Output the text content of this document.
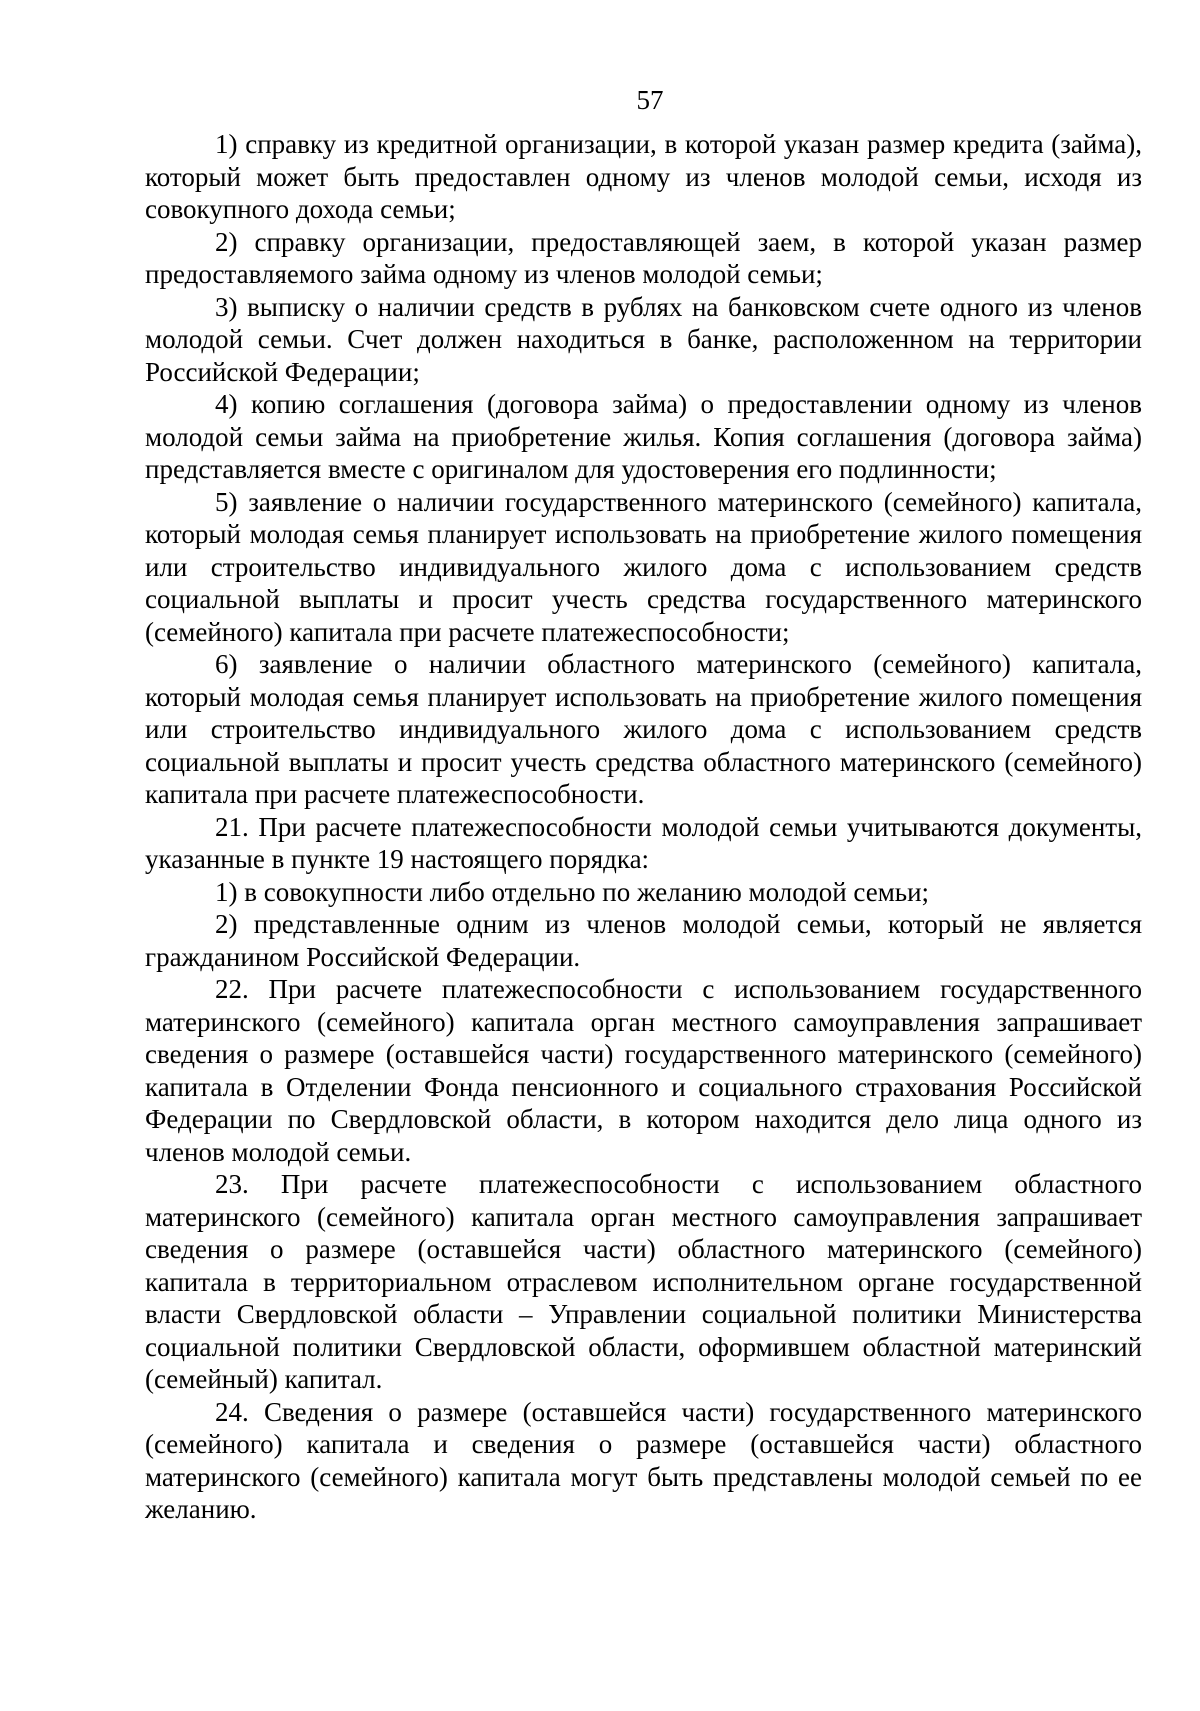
57

1) справку из кредитной организации, в которой указан размер кредита (займа), который может быть предоставлен одному из членов молодой семьи, исходя из совокупного дохода семьи;

2) справку организации, предоставляющей заем, в которой указан размер предоставляемого займа одному из членов молодой семьи;

3) выписку о наличии средств в рублях на банковском счете одного из членов молодой семьи. Счет должен находиться в банке, расположенном на территории Российской Федерации;

4) копию соглашения (договора займа) о предоставлении одному из членов молодой семьи займа на приобретение жилья. Копия соглашения (договора займа) представляется вместе с оригиналом для удостоверения его подлинности;

5) заявление о наличии государственного материнского (семейного) капитала, который молодая семья планирует использовать на приобретение жилого помещения или строительство индивидуального жилого дома с использованием средств социальной выплаты и просит учесть средства государственного материнского (семейного) капитала при расчете платежеспособности;

6) заявление о наличии областного материнского (семейного) капитала, который молодая семья планирует использовать на приобретение жилого помещения или строительство индивидуального жилого дома с использованием средств социальной выплаты и просит учесть средства областного материнского (семейного) капитала при расчете платежеспособности.

21. При расчете платежеспособности молодой семьи учитываются документы, указанные в пункте 19 настоящего порядка:

1) в совокупности либо отдельно по желанию молодой семьи;

2) представленные одним из членов молодой семьи, который не является гражданином Российской Федерации.

22. При расчете платежеспособности с использованием государственного материнского (семейного) капитала орган местного самоуправления запрашивает сведения о размере (оставшейся части) государственного материнского (семейного) капитала в Отделении Фонда пенсионного и социального страхования Российской Федерации по Свердловской области, в котором находится дело лица одного из членов молодой семьи.

23. При расчете платежеспособности с использованием областного материнского (семейного) капитала орган местного самоуправления запрашивает сведения о размере (оставшейся части) областного материнского (семейного) капитала в территориальном отраслевом исполнительном органе государственной власти Свердловской области – Управлении социальной политики Министерства социальной политики Свердловской области, оформившем областной материнский (семейный) капитал.

24. Сведения о размере (оставшейся части) государственного материнского (семейного) капитала и сведения о размере (оставшейся части) областного материнского (семейного) капитала могут быть представлены молодой семьей по ее желанию.
